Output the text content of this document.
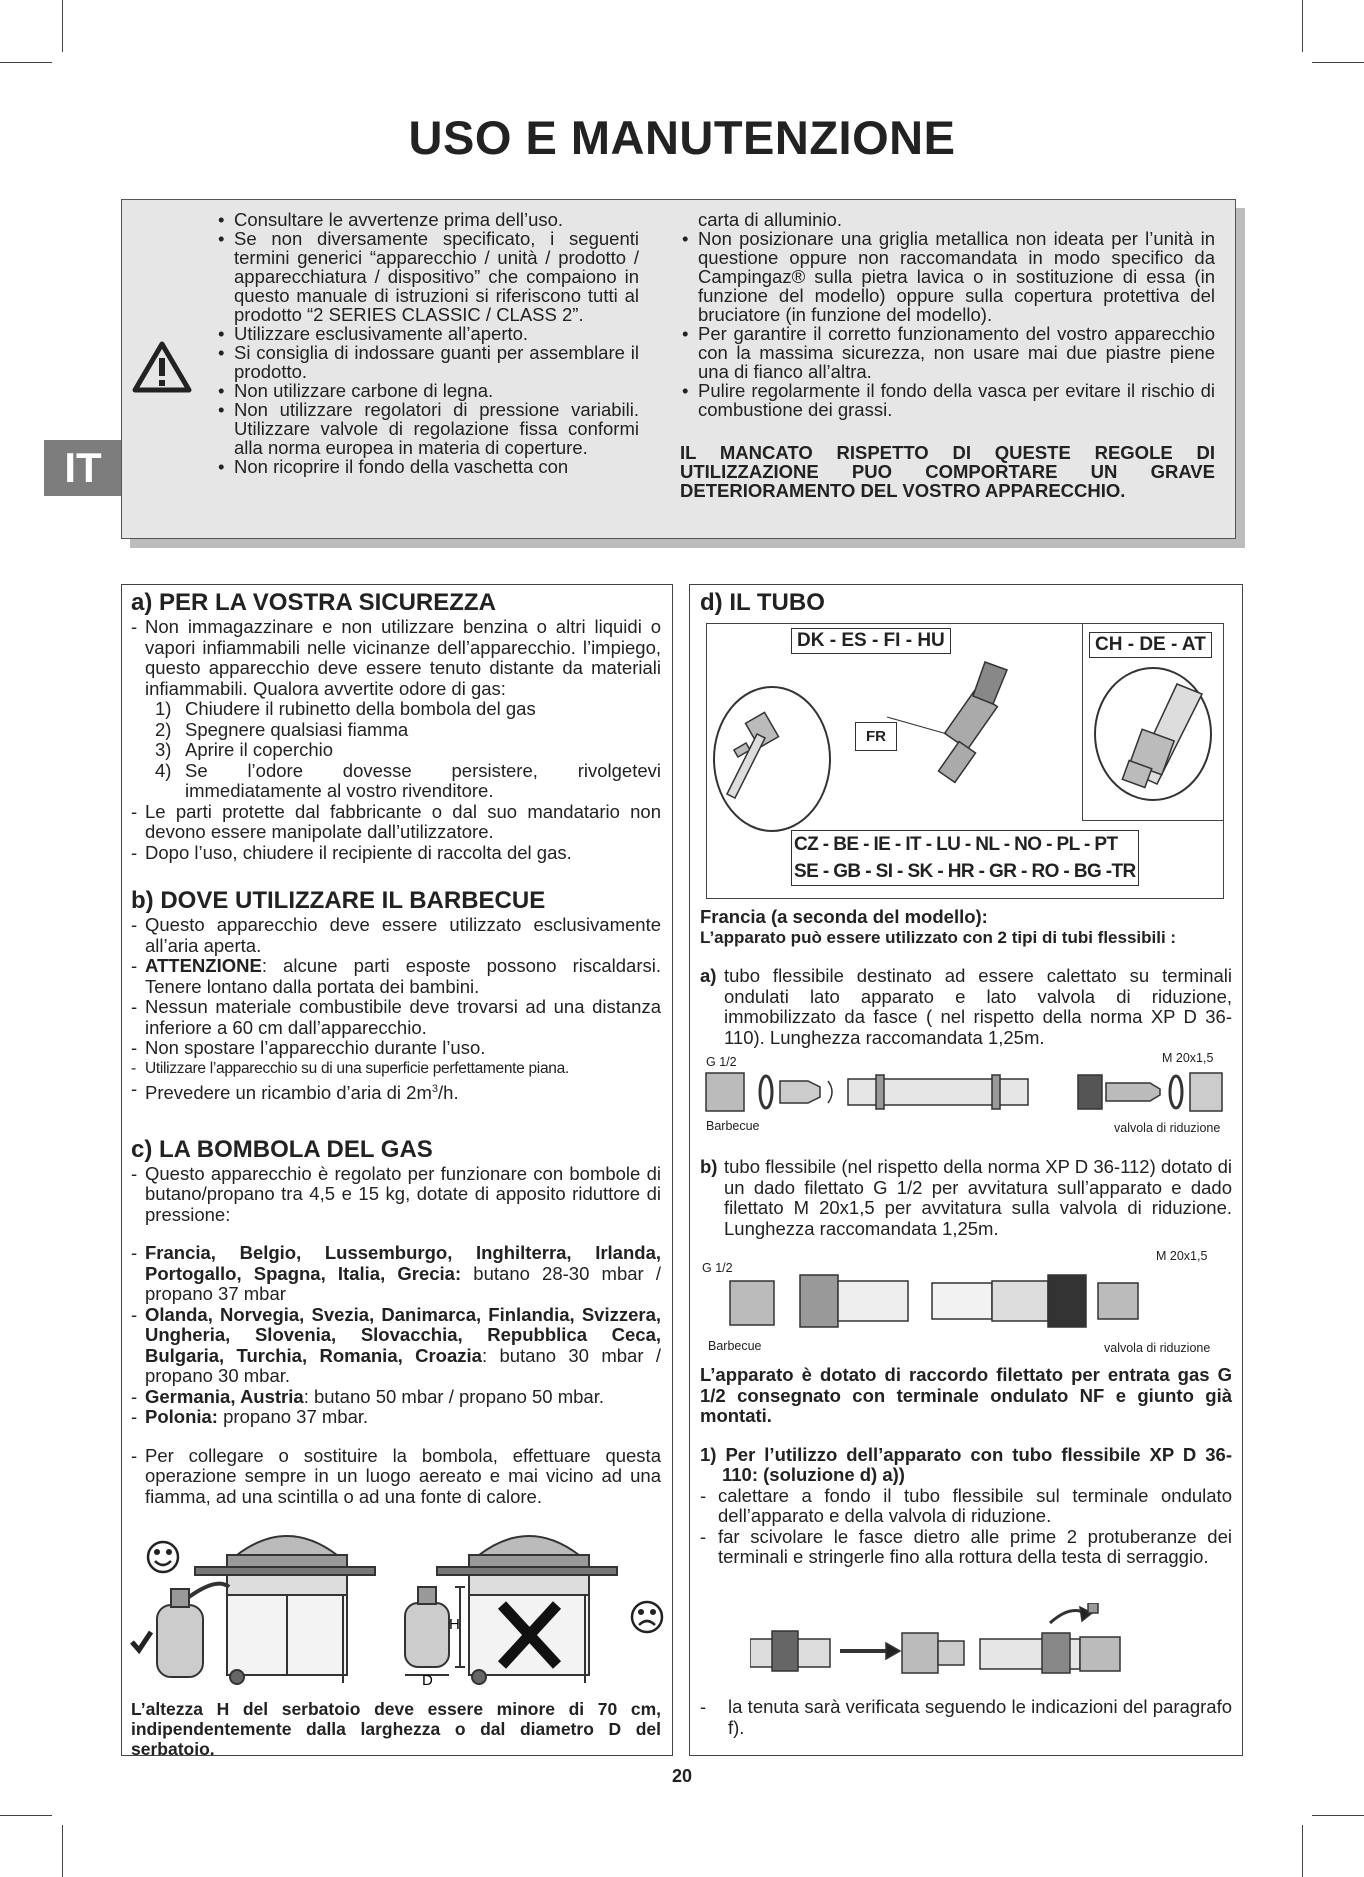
USO E MANUTENZIONE
IT
• Consultare le avvertenze prima dell’uso.
• Se non diversamente specificato, i seguenti termini generici “apparecchio / unità / prodotto / apparecchiatura / dispositivo” che compaiono in questo manuale di istruzioni si riferiscono tutti al prodotto “2 SERIES CLASSIC / CLASS 2”.
• Utilizzare esclusivamente all’aperto.
• Si consiglia di indossare guanti per assemblare il prodotto.
• Non utilizzare carbone di legna.
• Non utilizzare regolatori di pressione variabili. Utilizzare valvole di regolazione fissa conformi alla norma europea in materia di coperture.
• Non ricoprire il fondo della vaschetta con
carta di alluminio.
• Non posizionare una griglia metallica non ideata per l’unità in questione oppure non raccomandata in modo specifico da Campingaz® sulla pietra lavica o in sostituzione di essa (in funzione del modello) oppure sulla copertura protettiva del bruciatore (in funzione del modello).
• Per garantire il corretto funzionamento del vostro apparecchio con la massima sicurezza, non usare mai due piastre piene una di fianco all’altra.
• Pulire regolarmente il fondo della vasca per evitare il rischio di combustione dei grassi.
IL MANCATO RISPETTO DI QUESTE REGOLE DI UTILIZZAZIONE PUO COMPORTARE UN GRAVE DETERIORAMENTO DEL VOSTRO APPARECCHIO.
a) PER LA VOSTRA SICUREZZA
- Non immagazzinare e non utilizzare benzina o altri liquidi o vapori infiammabili nelle vicinanze dell’apparecchio. l’impiego, questo apparecchio deve essere tenuto distante da materiali infiammabili. Qualora avvertite odore di gas:
1) Chiudere il rubinetto della bombola del gas
2) Spegnere qualsiasi fiamma
3) Aprire il coperchio
4) Se l’odore dovesse persistere, rivolgetevi immediatamente al vostro rivenditore.
- Le parti protette dal fabbricante o dal suo mandatario non devono essere manipolate dall’utilizzatore.
- Dopo l’uso, chiudere il recipiente di raccolta del gas.
b) DOVE UTILIZZARE IL BARBECUE
- Questo apparecchio deve essere utilizzato esclusivamente all’aria aperta.
- ATTENZIONE: alcune parti esposte possono riscaldarsi. Tenere lontano dalla portata dei bambini.
- Nessun materiale combustibile deve trovarsi ad una distanza inferiore a 60 cm dall’apparecchio.
- Non spostare l’apparecchio durante l’uso.
- Utilizzare l’apparecchio su di una superficie perfettamente piana.
- Prevedere un ricambio d’aria di $2m^3/h$.
c) LA BOMBOLA DEL GAS
- Questo apparecchio è regolato per funzionare con bombole di butano/propano tra 4,5 e 15 kg, dotate di apposito riduttore di pressione:
- Francia, Belgio, Lussemburgo, Inghilterra, Irlanda, Portogallo, Spagna, Italia, Grecia: butano 28-30 mbar / propano 37 mbar
- Olanda, Norvegia, Svezia, Danimarca, Finlandia, Svizzera, Ungheria, Slovenia, Slovacchia, Repubblica Ceca, Bulgaria, Turchia, Romania, Croazia: butano 30 mbar / propano 30 mbar.
- Germania, Austria: butano 50 mbar / propano 50 mbar.
- Polonia: propano 37 mbar.
- Per collegare o sostituire la bombola, effettuare questa operazione sempre in un luogo aereato e mai vicino ad una fiamma, ad una scintilla o ad una fonte di calore.
H
D
L’altezza H del serbatoio deve essere minore di 70 cm, indipendentemente dalla larghezza o dal diametro D del serbatoio.
d) IL TUBO
DK - ES - FI - HU	CH - DE - AT
FR
CZ - BE - IE - IT - LU - NL - NO - PL - PT
SE - GB - SI - SK - HR - GR - RO - BG -TR
Francia (a seconda del modello):
L’apparato può essere utilizzato con 2 tipi di tubi flessibili :
a) tubo flessibile destinato ad essere calettato su terminali ondulati lato apparato e lato valvola di riduzione, immobilizzato da fasce ( nel rispetto della norma XP D 36-110). Lunghezza raccomandata 1,25m.
G 1/2	M 20x1,5
Barbecue	valvola di riduzione
b) tubo flessibile (nel rispetto della norma XP D 36-112) dotato di un dado filettato G 1/2 per avvitatura sull’apparato e dado filettato M 20x1,5 per avvitatura sulla valvola di riduzione. Lunghezza raccomandata 1,25m.
G 1/2
M 20x1,5
Barbecue	valvola di riduzione
L’apparato è dotato di raccordo filettato per entrata gas G 1/2 consegnato con terminale ondulato NF e giunto già montati.
1) Per l’utilizzo dell’apparato con tubo flessibile XP D 36-110: (soluzione d) a))
- calettare a fondo il tubo flessibile sul terminale ondulato dell’apparato e della valvola di riduzione.
- far scivolare le fasce dietro alle prime 2 protuberanze dei terminali e stringerle fino alla rottura della testa di serraggio.
- la tenuta sarà verificata seguendo le indicazioni del paragrafo f).
20
